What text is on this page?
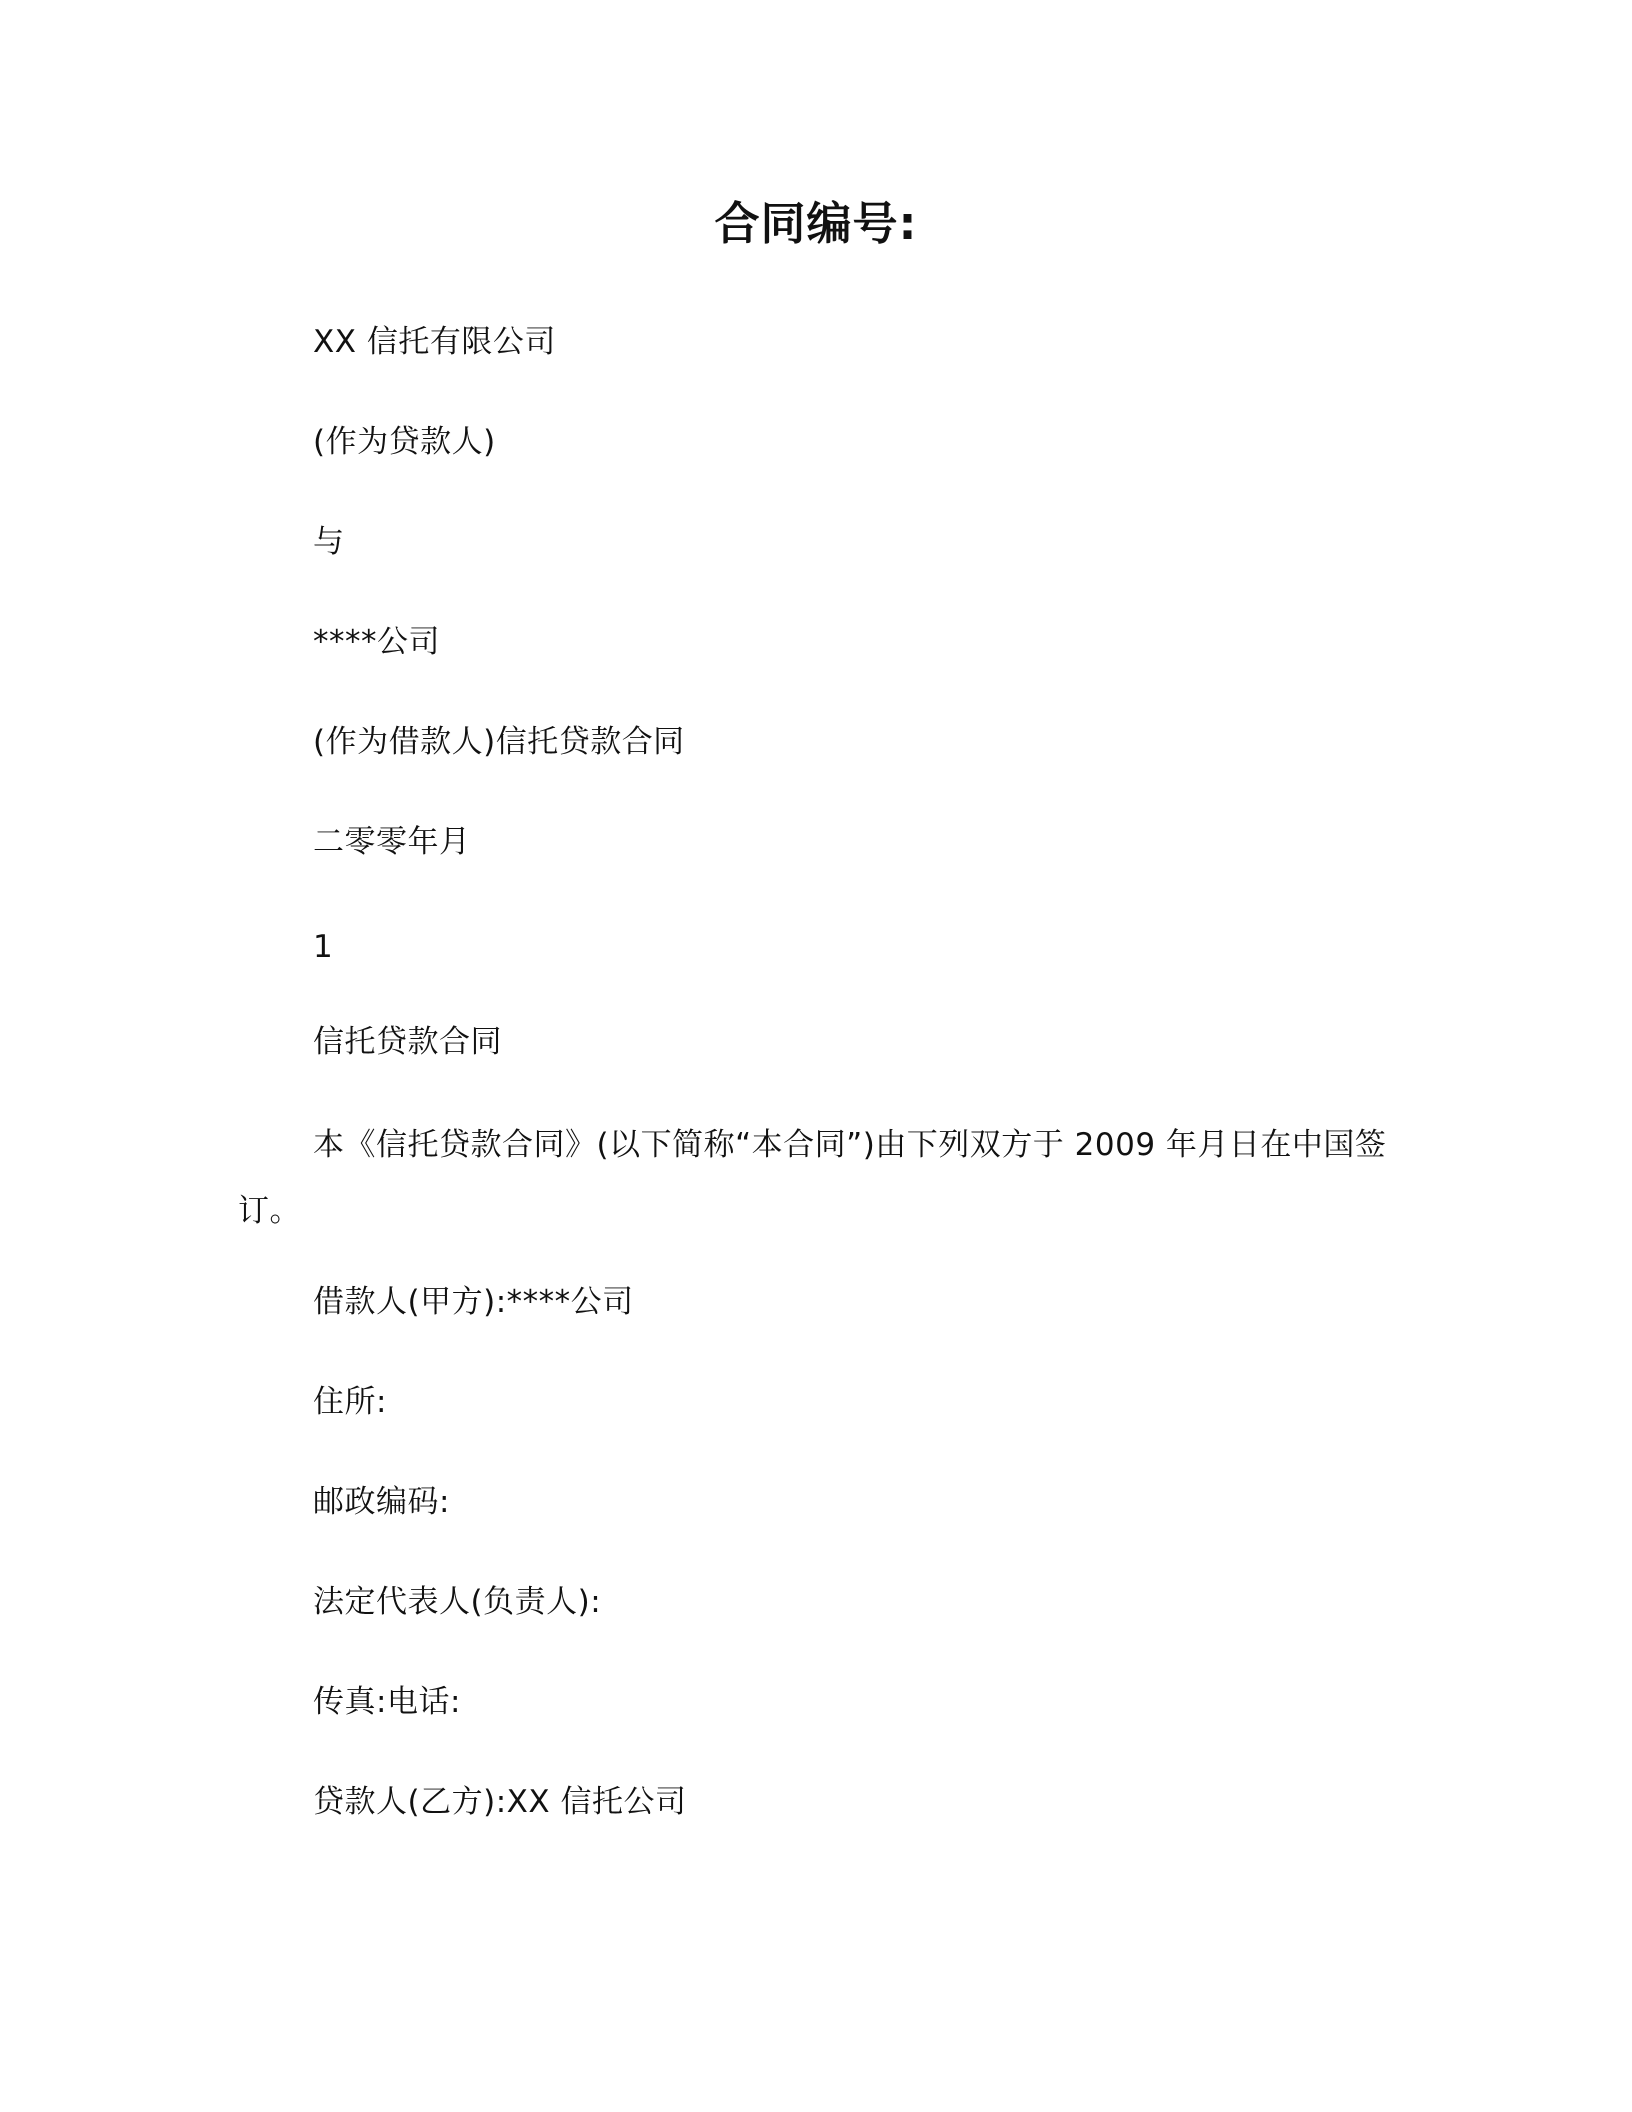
合同编号:
XX 信托有限公司
(作为贷款人)
与
****公司
(作为借款人)信托贷款合同
二零零年月
1
信托贷款合同
本《信托贷款合同》(以下简称“本合同”)由下列双方于 2009 年月日在中国签订。
借款人(甲方):****公司
住所:
邮政编码:
法定代表人(负责人):
传真:电话:
贷款人(乙方):XX 信托公司
